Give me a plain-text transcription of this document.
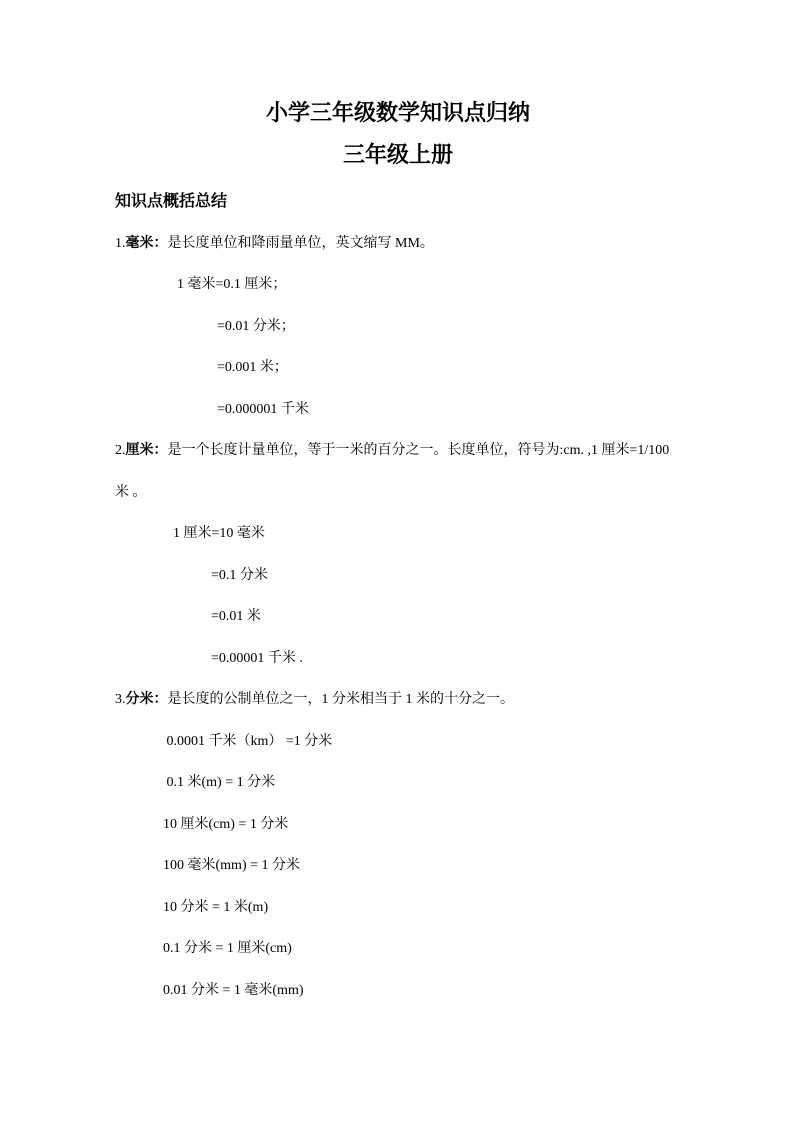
小学三年级数学知识点归纳
三年级上册
知识点概括总结

1.毫米：是长度单位和降雨量单位，英文缩写 MM。

1 毫米=0.1 厘米；

=0.01 分米；

=0.001 米；

=0.000001 千米

2.厘米：是一个长度计量单位，等于一米的百分之一。长度单位，符号为:cm. ,1 厘米=1/100

米 。

1 厘米=10 毫米

=0.1 分米

=0.01 米

=0.00001 千米 .

3.分米：是长度的公制单位之一，1 分米相当于 1 米的十分之一。

0.0001 千米（km） =1 分米

0.1 米(m) = 1 分米

10 厘米(cm) = 1 分米

100 毫米(mm) = 1 分米

10 分米 = 1 米(m)

0.1 分米 = 1 厘米(cm)

0.01 分米 = 1 毫米(mm)
